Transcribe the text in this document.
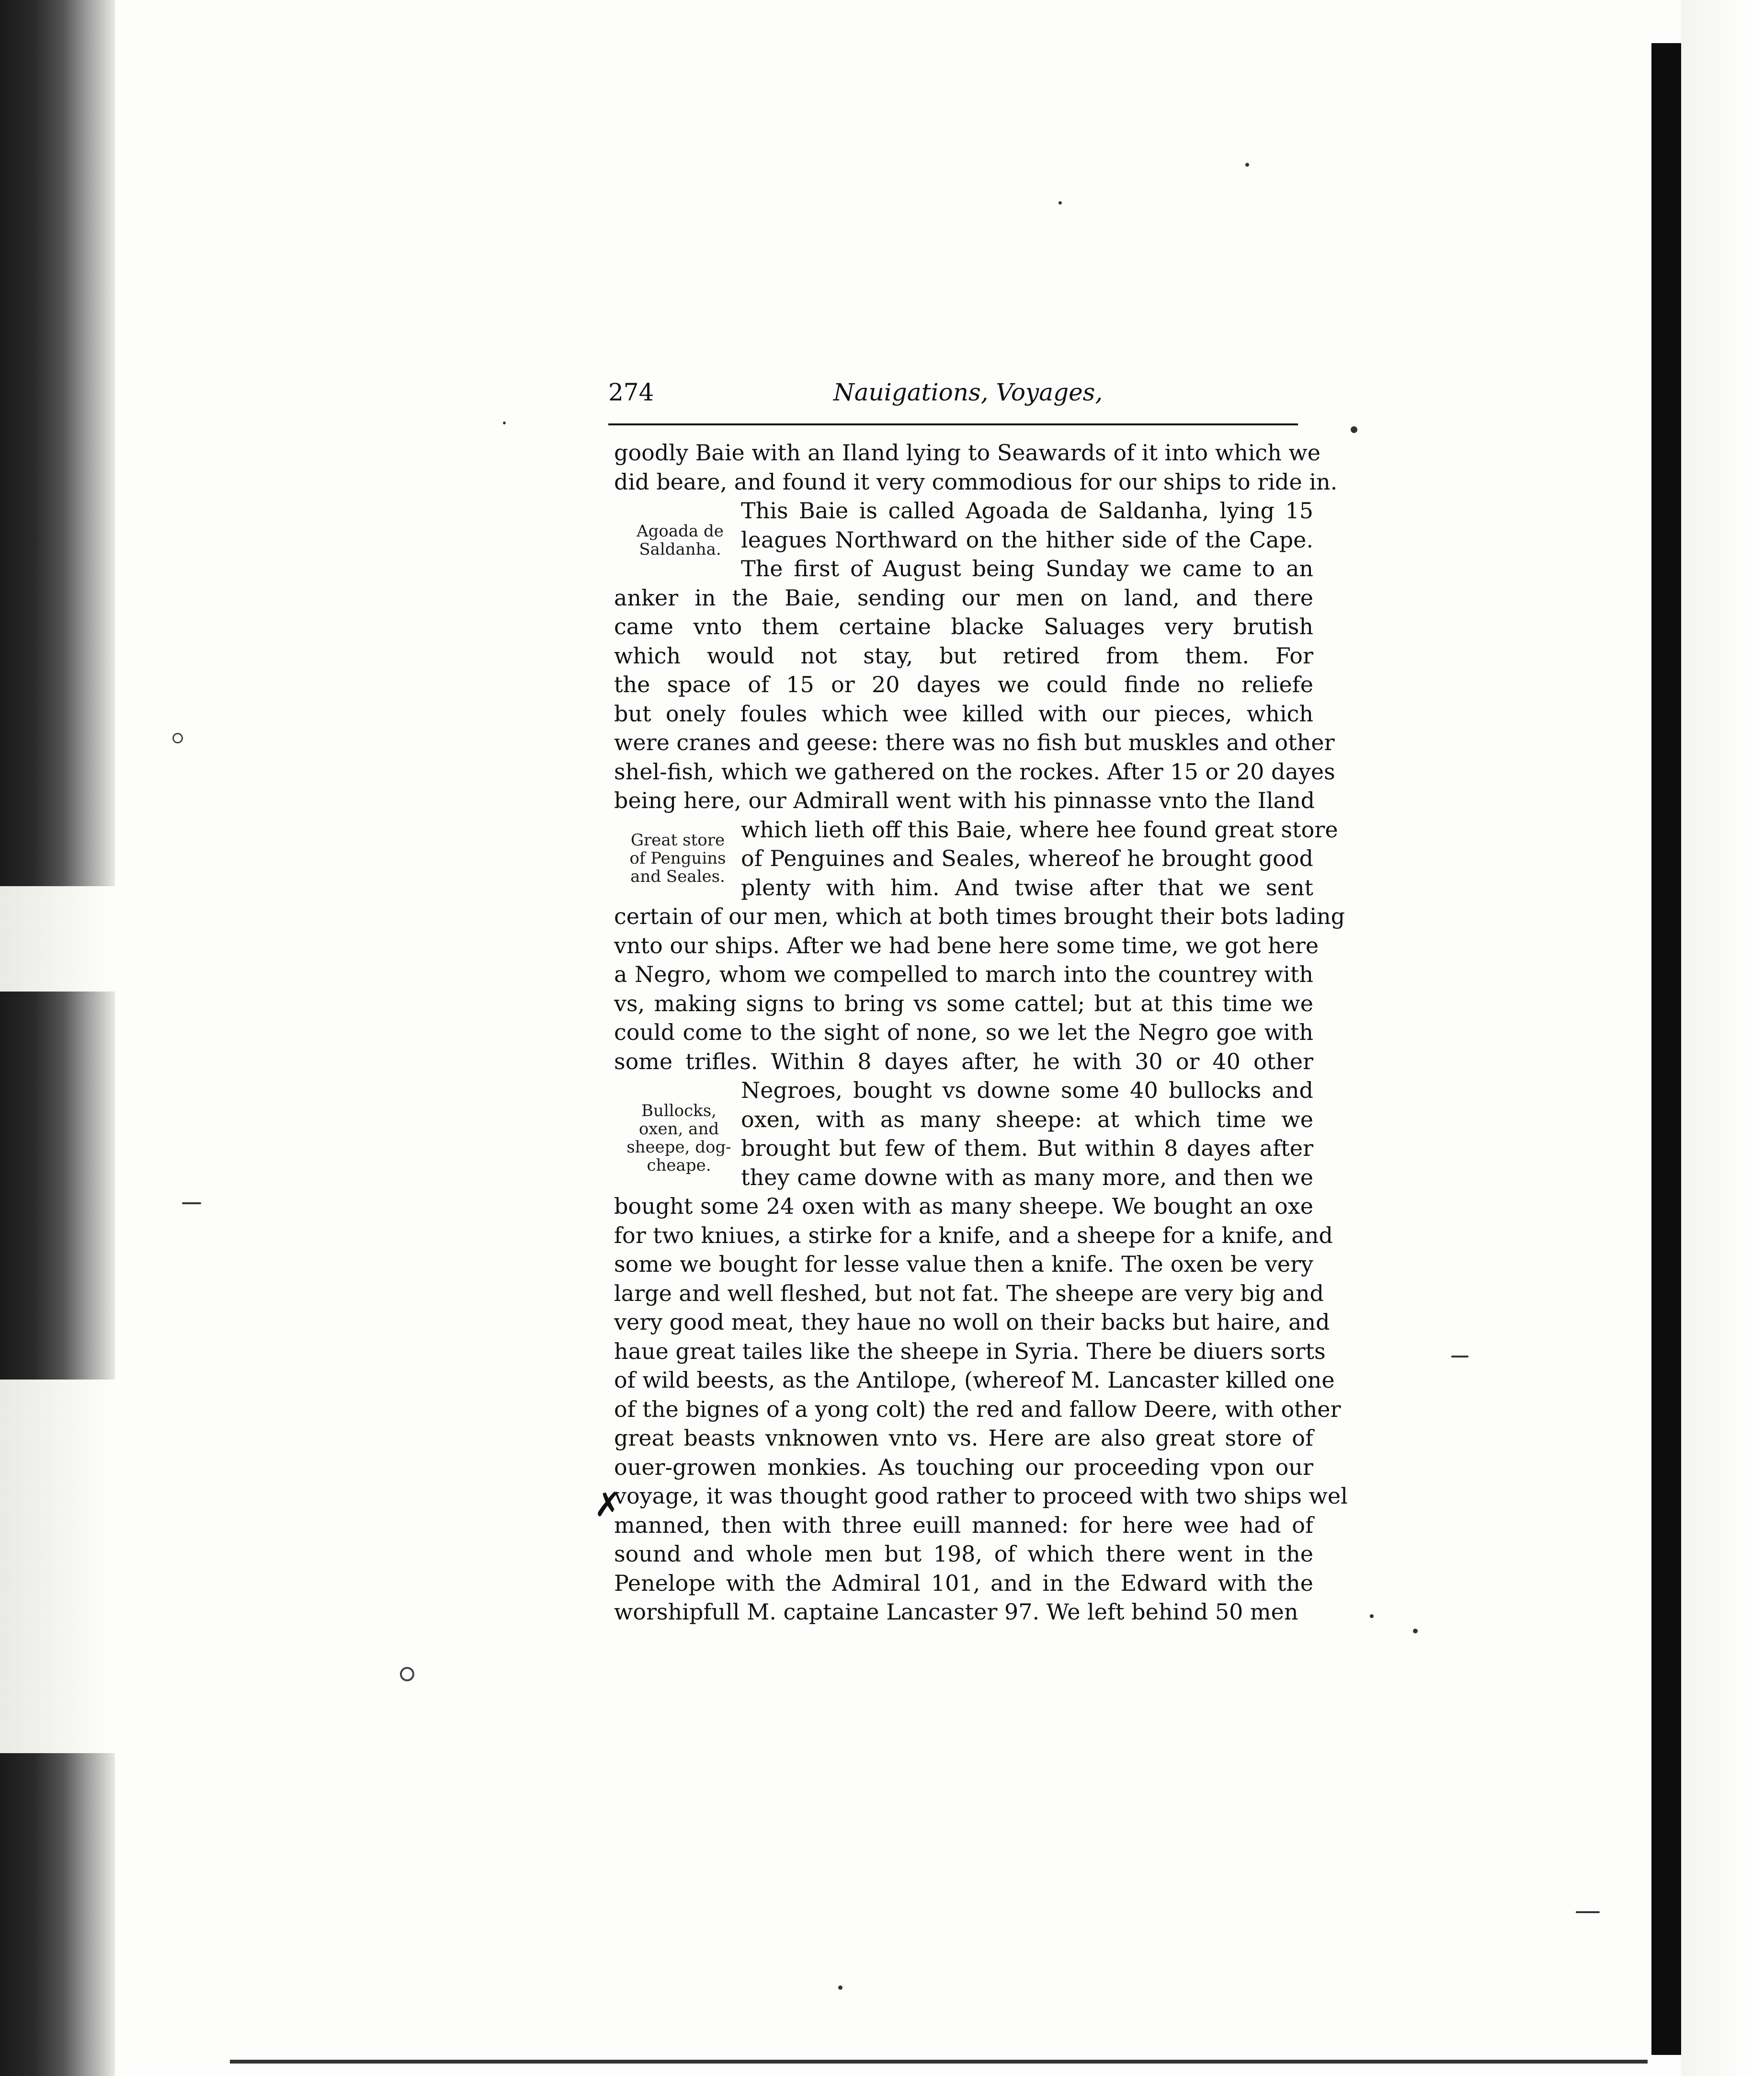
274	Nauigations, Voyages,
goodly Baie with an Iland lying to Seawards of it into which we
did beare, and found it very commodious for our ships to ride in.
This Baie is called Agoada de Saldanha, lying 15
leagues Northward on the hither side of the Cape.
The first of August being Sunday we came to an
anker in the Baie, sending our men on land, and there
came vnto them certaine blacke Saluages very brutish
which would not stay, but retired from them. For
the space of 15 or 20 dayes we could finde no reliefe
but onely foules which wee killed with our pieces, which
were cranes and geese: there was no fish but muskles and other
shel-fish, which we gathered on the rockes. After 15 or 20 dayes
being here, our Admirall went with his pinnasse vnto the Iland
which lieth off this Baie, where hee found great store
of Penguines and Seales, whereof he brought good
plenty with him. And twise after that we sent
certain of our men, which at both times brought their bots lading
vnto our ships. After we had bene here some time, we got here
a Negro, whom we compelled to march into the countrey with
vs, making signs to bring vs some cattel; but at this time we
could come to the sight of none, so we let the Negro goe with
some trifles. Within 8 dayes after, he with 30 or 40 other
Negroes, bought vs downe some 40 bullocks and
oxen, with as many sheepe: at which time we
brought but few of them. But within 8 dayes after
they came downe with as many more, and then we
bought some 24 oxen with as many sheepe. We bought an oxe
for two kniues, a stirke for a knife, and a sheepe for a knife, and
some we bought for lesse value then a knife. The oxen be very
large and well fleshed, but not fat. The sheepe are very big and
very good meat, they haue no woll on their backs but haire, and
haue great tailes like the sheepe in Syria. There be diuers sorts
of wild beests, as the Antilope, (whereof M. Lancaster killed one
of the bignes of a yong colt) the red and fallow Deere, with other
great beasts vnknowen vnto vs. Here are also great store of
ouer-growen monkies. As touching our proceeding vpon our
voyage, it was thought good rather to proceed with two ships wel
manned, then with three euill manned: for here wee had of
sound and whole men but 198, of which there went in the
Penelope with the Admiral 101, and in the Edward with the
worshipfull M. captaine Lancaster 97. We left behind 50 men
Agoada de
Saldanha.
Great store
of Penguins
and Seales.
Bullocks,
oxen, and
sheepe, dog-
cheape.
✗
